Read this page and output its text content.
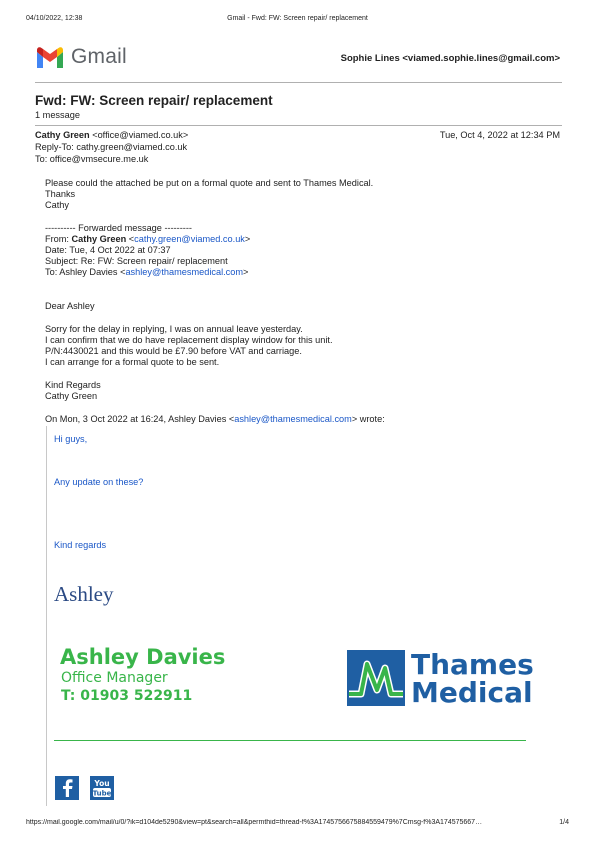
04/10/2022, 12:38	Gmail - Fwd: FW: Screen repair/ replacement
Gmail	Sophie Lines <viamed.sophie.lines@gmail.com>
Fwd: FW: Screen repair/ replacement
1 message
Cathy Green <office@viamed.co.uk>	Tue, Oct 4, 2022 at 12:34 PM
Reply-To: cathy.green@viamed.co.uk
To: office@vmsecure.me.uk
Please could the attached be put on a formal quote and sent to Thames Medical.
Thanks
Cathy
---------- Forwarded message ---------
From: Cathy Green <cathy.green@viamed.co.uk>
Date: Tue, 4 Oct 2022 at 07:37
Subject: Re: FW: Screen repair/ replacement
To: Ashley Davies <ashley@thamesmedical.com>
Dear Ashley
Sorry for the delay in replying, I was on annual leave yesterday.
I can confirm that we do have replacement display window for this unit.
P/N:4430021 and this would be £7.90 before VAT and carriage.
I can arrange for a formal quote to be sent.
Kind Regards
Cathy Green
On Mon, 3 Oct 2022 at 16:24, Ashley Davies <ashley@thamesmedical.com> wrote:
Hi guys,
Any update on these?
Kind regards
Ashley
Ashley Davies
Office Manager
T: 01903 522911
Thames
Medical
You
Tube
https://mail.google.com/mail/u/0/?ik=d104de5290&view=pt&search=all&permthid=thread-f%3A1745756675884559479%7Cmsg-f%3A174575667…	1/4
